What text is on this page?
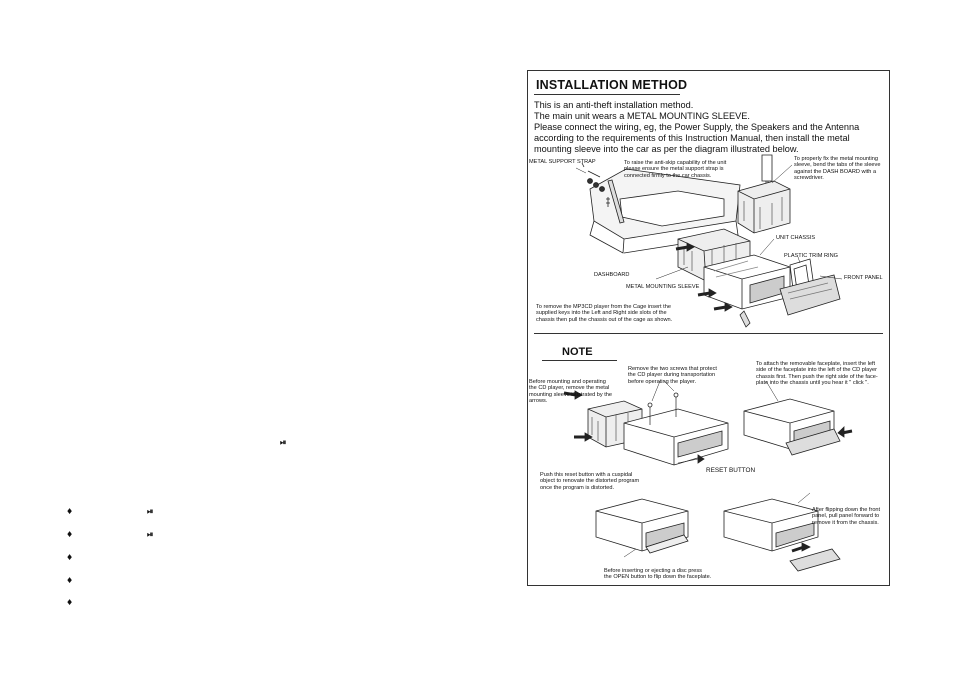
⏯
♦	⏯
♦	⏯
♦
♦
♦
INSTALLATION METHOD
This is an anti-theft installation method.
The main unit wears a METAL MOUNTING SLEEVE.
Please connect the wiring, eg, the Power Supply, the Speakers and the Antenna
according to the requirements of this Instruction Manual, then install the metal
mounting sleeve into the car as per the diagram illustrated below.
METAL SUPPORT STRAP	To raise the anti-skip capability of the unit
please ensure the metal support strap is
connected firmly to the car chassis.
To properly fix the metal mounting
sleeve, bend the tabs of the sleeve
against the DASH BOARD with a
screwdriver.
UNIT CHASSIS
PLASTIC TRIM RING
FRONT PANEL
DASHBOARD
METAL MOUNTING SLEEVE
To remove the MP3CD player from the Cage insert the
supplied keys into the Left and Right side slots of the
chassis then pull the chassis out of the cage as shown.
NOTE
Remove the two screws that protect
the CD player during transportation
before operating the player.
To attach the removable faceplate, insert the left
side of the faceplate into the left of the CD player
chassis first. Then push the right side of the face-
plate into the chassis until you hear it " click ".
Before mounting and operating
the CD player, remove the metal
mounting sleeve illustrated by the
arrows.
RESET BUTTON
Push this reset button with a cuspidal
object to renovate the distorted program
once the program is distorted.
After flipping down the front
panel, pull panel forward to
remove it from the chassis.
Before inserting or ejecting a disc press
the OPEN button to flip down the faceplate.
